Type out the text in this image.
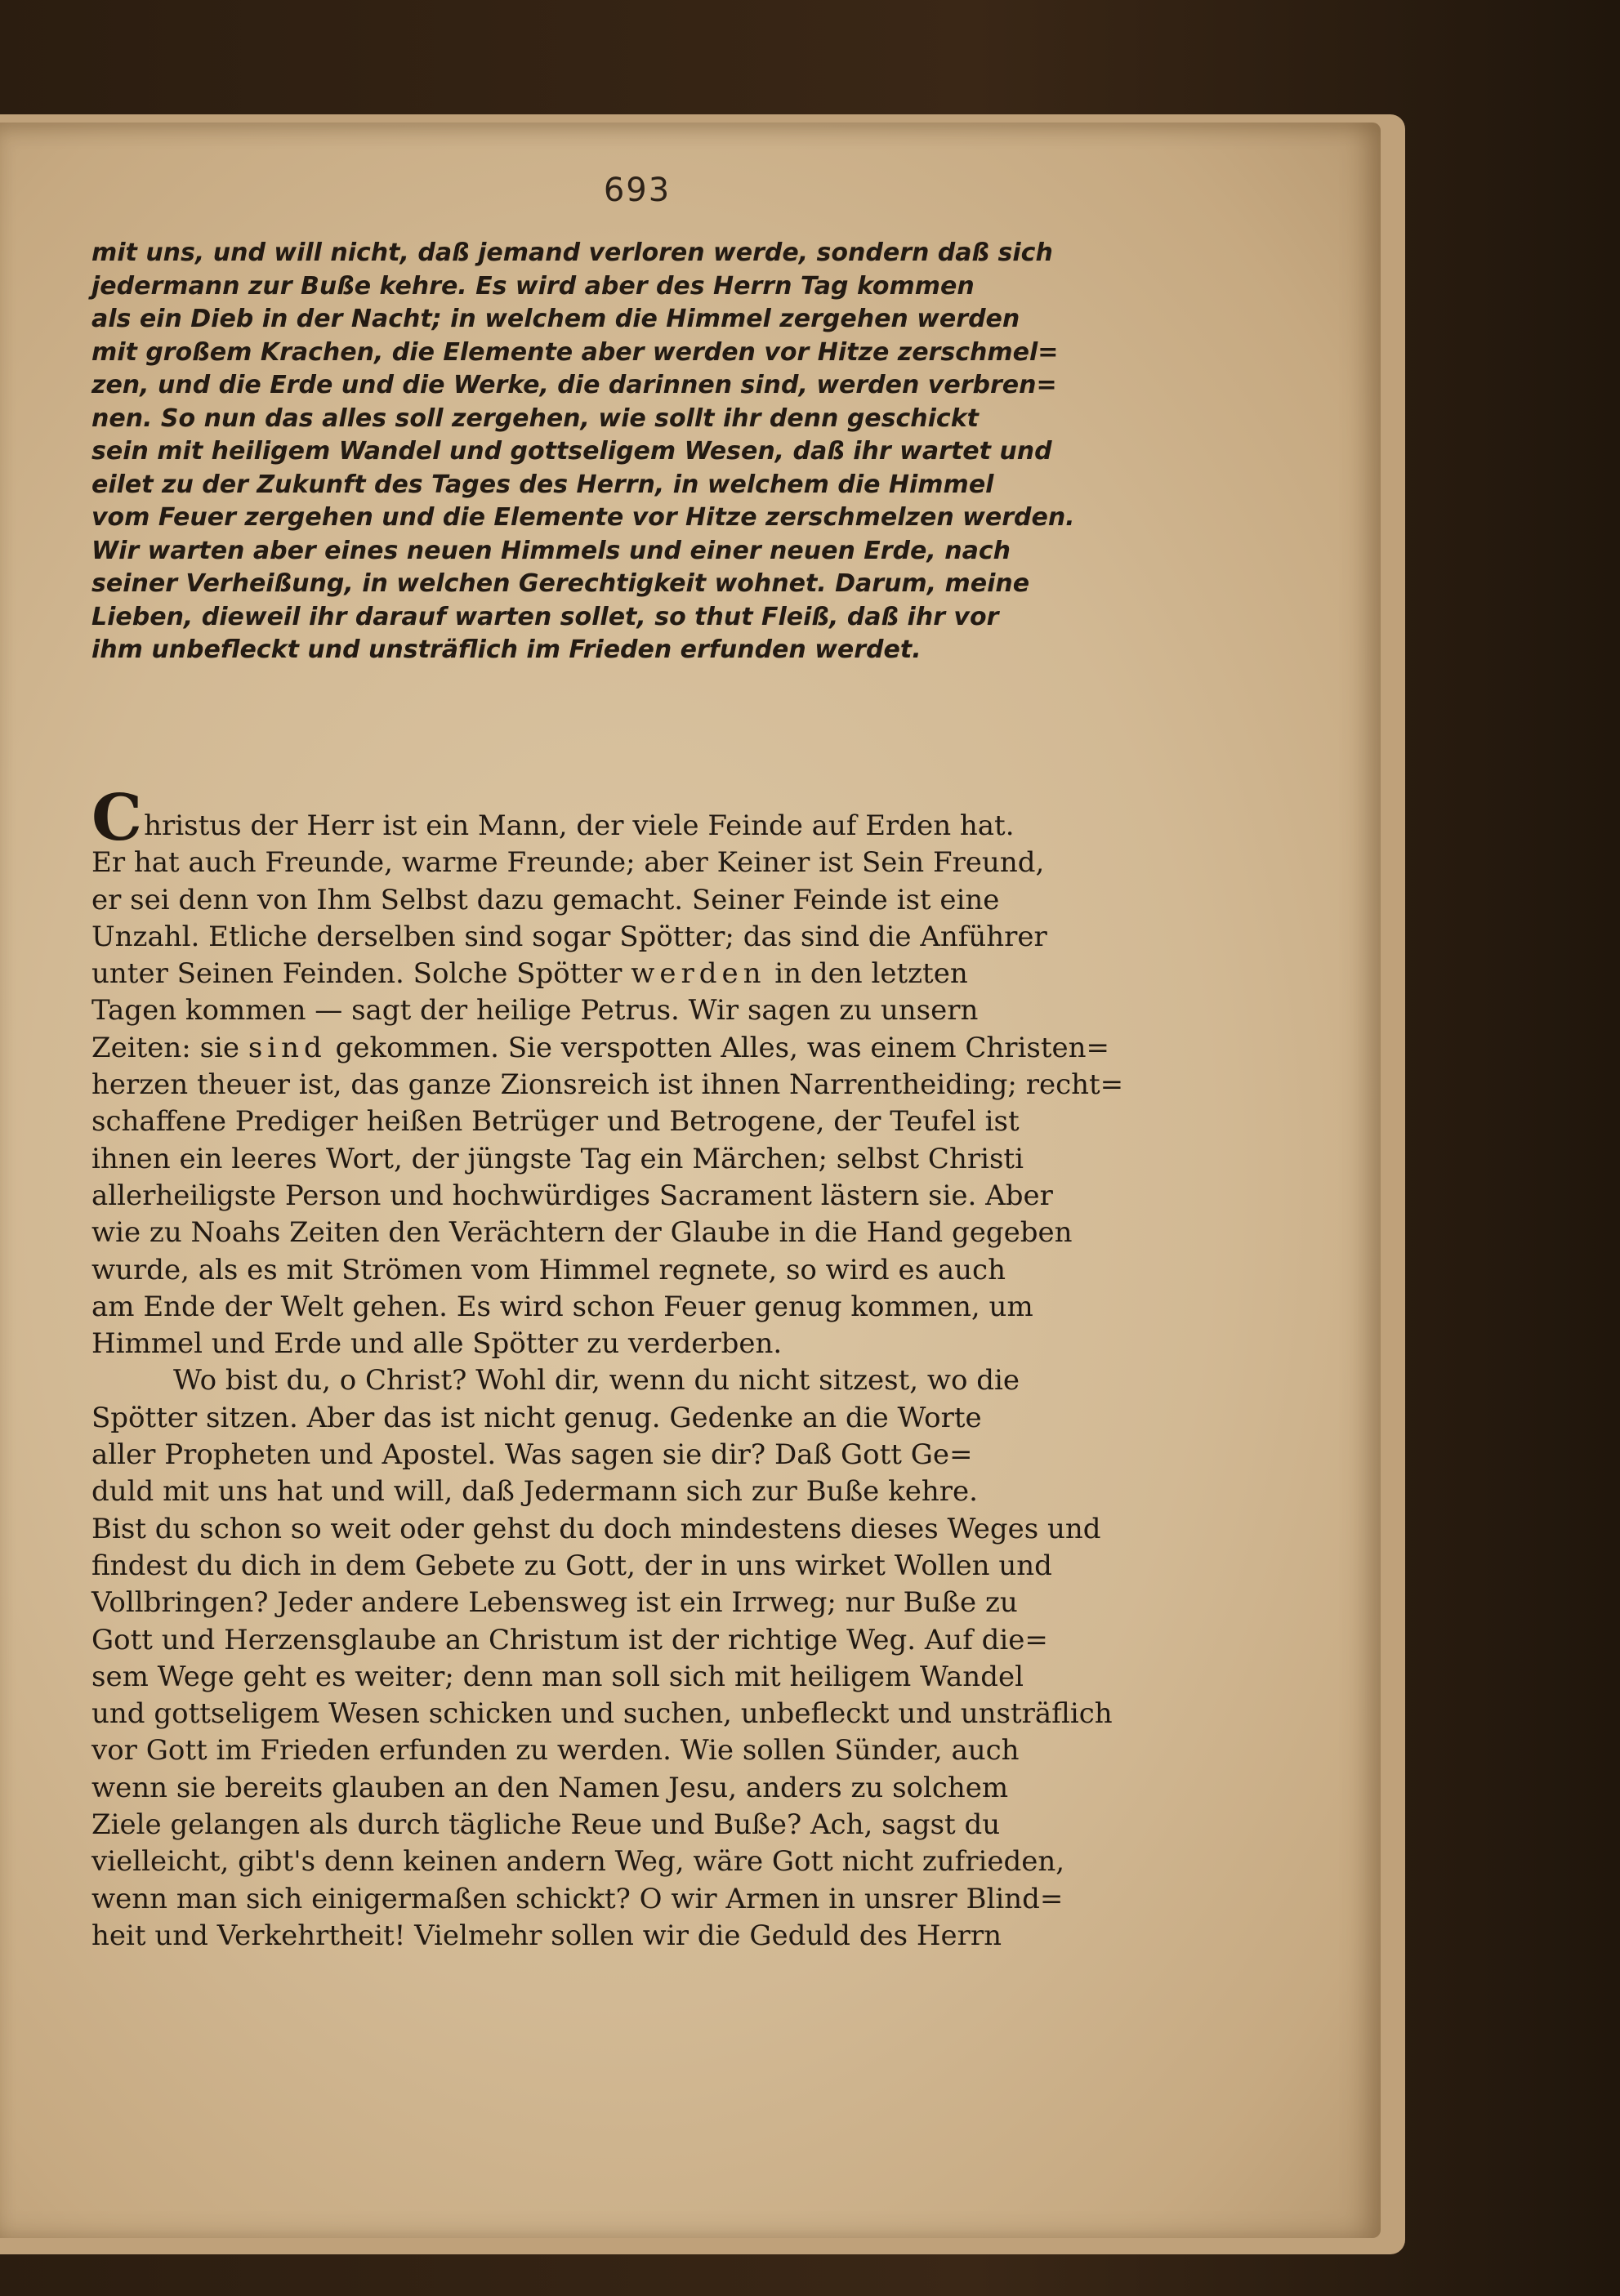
693
mit uns, und will nicht, daß jemand verloren werde, sondern daß sich
jedermann zur Buße kehre. Es wird aber des Herrn Tag kommen
als ein Dieb in der Nacht; in welchem die Himmel zergehen werden
mit großem Krachen, die Elemente aber werden vor Hitze zerschmel=
zen, und die Erde und die Werke, die darinnen sind, werden verbren=
nen. So nun das alles soll zergehen, wie sollt ihr denn geschickt
sein mit heiligem Wandel und gottseligem Wesen, daß ihr wartet und
eilet zu der Zukunft des Tages des Herrn, in welchem die Himmel
vom Feuer zergehen und die Elemente vor Hitze zerschmelzen werden.
Wir warten aber eines neuen Himmels und einer neuen Erde, nach
seiner Verheißung, in welchen Gerechtigkeit wohnet. Darum, meine
Lieben, dieweil ihr darauf warten sollet, so thut Fleiß, daß ihr vor
ihm unbefleckt und unsträflich im Frieden erfunden werdet.
Christus der Herr ist ein Mann, der viele Feinde auf Erden hat.
Er hat auch Freunde, warme Freunde; aber Keiner ist Sein Freund,
er sei denn von Ihm Selbst dazu gemacht. Seiner Feinde ist eine
Unzahl. Etliche derselben sind sogar Spötter; das sind die Anführer
unter Seinen Feinden. Solche Spötter werden in den letzten
Tagen kommen — sagt der heilige Petrus. Wir sagen zu unsern
Zeiten: sie sind gekommen. Sie verspotten Alles, was einem Christen=
herzen theuer ist, das ganze Zionsreich ist ihnen Narrentheiding; recht=
schaffene Prediger heißen Betrüger und Betrogene, der Teufel ist
ihnen ein leeres Wort, der jüngste Tag ein Märchen; selbst Christi
allerheiligste Person und hochwürdiges Sacrament lästern sie. Aber
wie zu Noahs Zeiten den Verächtern der Glaube in die Hand gegeben
wurde, als es mit Strömen vom Himmel regnete, so wird es auch
am Ende der Welt gehen. Es wird schon Feuer genug kommen, um
Himmel und Erde und alle Spötter zu verderben.
Wo bist du, o Christ? Wohl dir, wenn du nicht sitzest, wo die
Spötter sitzen. Aber das ist nicht genug. Gedenke an die Worte
aller Propheten und Apostel. Was sagen sie dir? Daß Gott Ge=
duld mit uns hat und will, daß Jedermann sich zur Buße kehre.
Bist du schon so weit oder gehst du doch mindestens dieses Weges und
findest du dich in dem Gebete zu Gott, der in uns wirket Wollen und
Vollbringen? Jeder andere Lebensweg ist ein Irrweg; nur Buße zu
Gott und Herzensglaube an Christum ist der richtige Weg. Auf die=
sem Wege geht es weiter; denn man soll sich mit heiligem Wandel
und gottseligem Wesen schicken und suchen, unbefleckt und unsträflich
vor Gott im Frieden erfunden zu werden. Wie sollen Sünder, auch
wenn sie bereits glauben an den Namen Jesu, anders zu solchem
Ziele gelangen als durch tägliche Reue und Buße? Ach, sagst du
vielleicht, gibt's denn keinen andern Weg, wäre Gott nicht zufrieden,
wenn man sich einigermaßen schickt? O wir Armen in unsrer Blind=
heit und Verkehrtheit! Vielmehr sollen wir die Geduld des Herrn
